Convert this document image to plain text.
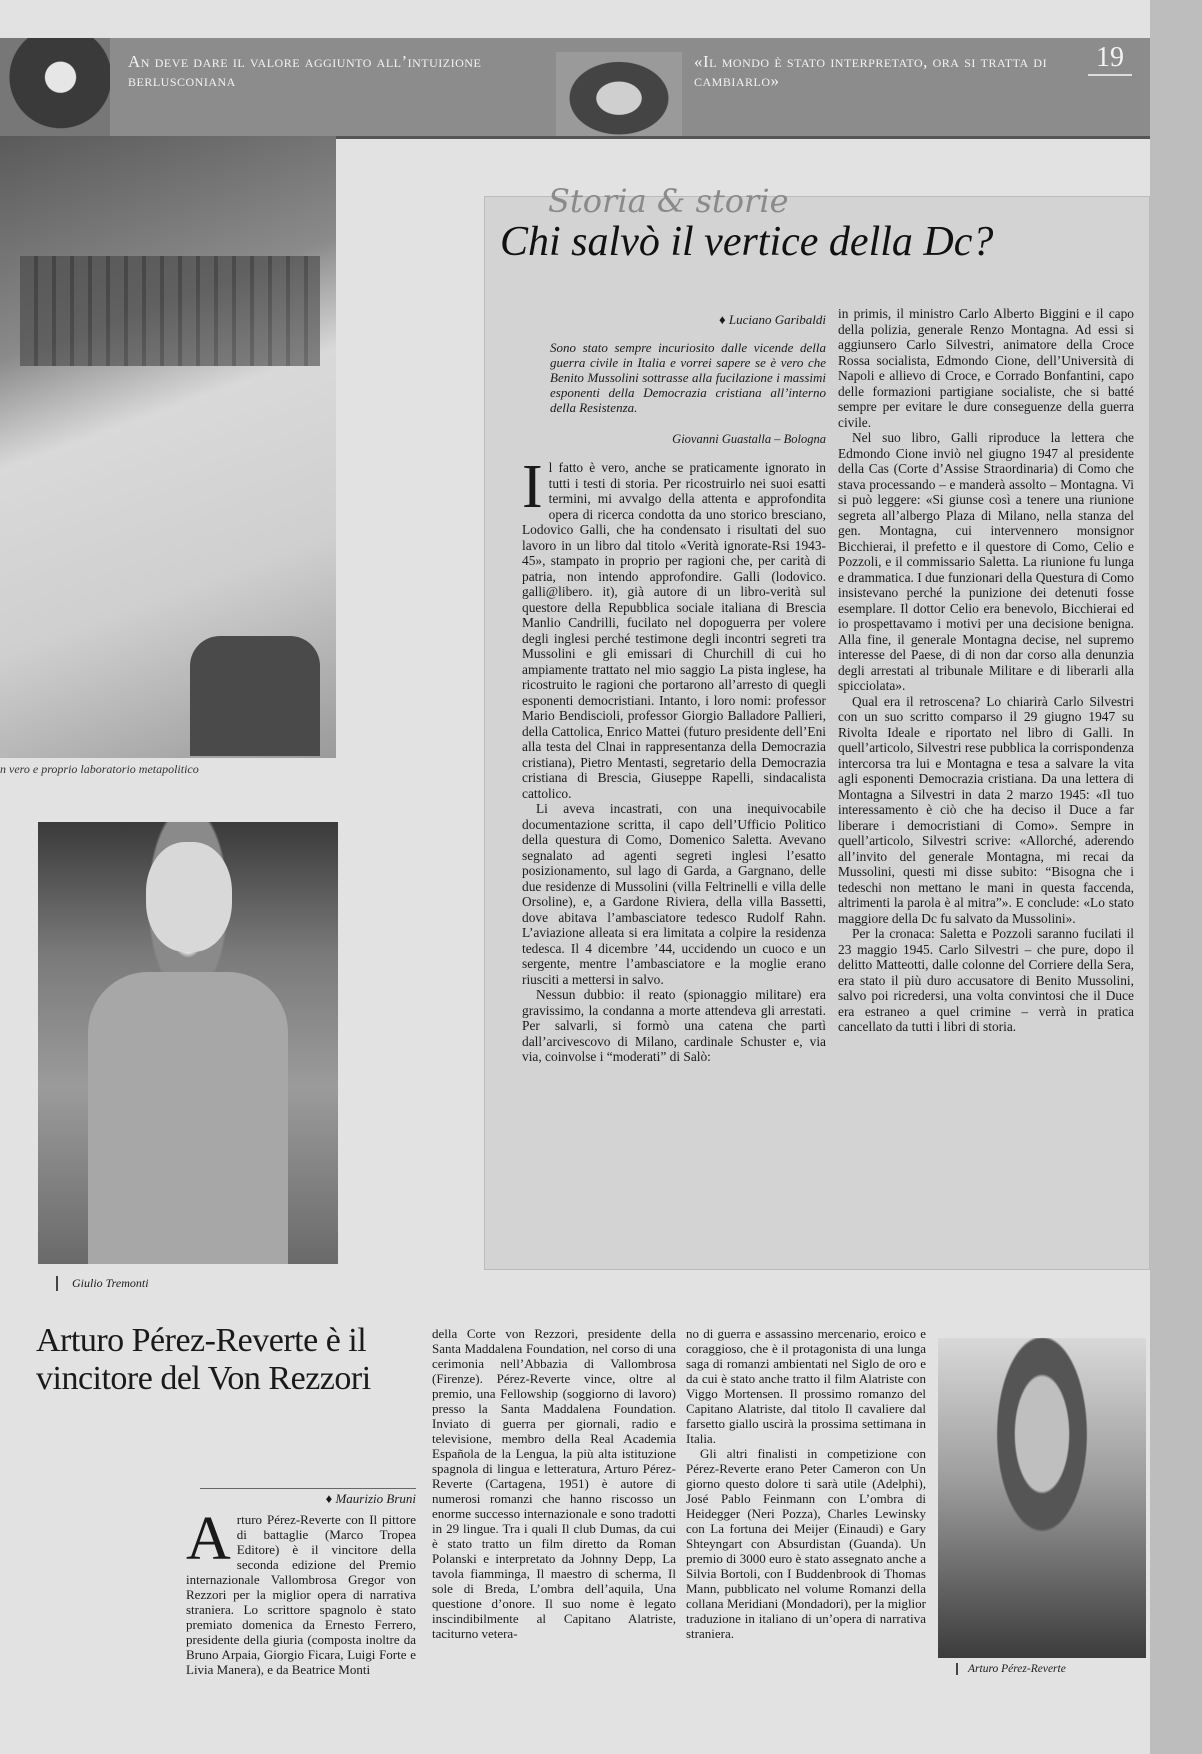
An deve dare il valore aggiunto all’intuizione berlusconiana
«Il mondo è stato interpretato, ora si tratta di cambiarlo»
19
n vero e proprio laboratorio metapolitico
Storia & storie
Chi salvò il vertice della Dc?
♦ Luciano Garibaldi
Sono stato sempre incuriosito dalle vicende della guerra civile in Italia e vorrei sapere se è vero che Benito Mussolini sottrasse alla fucilazione i massimi esponenti della Democrazia cristiana all’interno della Resistenza.
Giovanni Guastalla – Bologna

Il fatto è vero, anche se praticamente ignorato in tutti i testi di storia. Per ricostruirlo nei suoi esatti termini, mi avvalgo della attenta e approfondita opera di ricerca condotta da uno storico bresciano, Lodovico Galli, che ha condensato i risultati del suo lavoro in un libro dal titolo «Verità ignorate-Rsi 1943-45», stampato in proprio per ragioni che, per carità di patria, non intendo approfondire. Galli (lodovico. galli@libero. it), già autore di un libro-verità sul questore della Repubblica sociale italiana di Brescia Manlio Candrilli, fucilato nel dopoguerra per volere degli inglesi perché testimone degli incontri segreti tra Mussolini e gli emissari di Churchill di cui ho ampiamente trattato nel mio saggio La pista inglese, ha ricostruito le ragioni che portarono all’arresto di quegli esponenti democristiani. Intanto, i loro nomi: professor Mario Bendiscioli, professor Giorgio Balladore Pallieri, della Cattolica, Enrico Mattei (futuro presidente dell’Eni alla testa del Clnai in rappresentanza della Democrazia cristiana), Pietro Mentasti, segretario della Democrazia cristiana di Brescia, Giuseppe Rapelli, sindacalista cattolico.

Li aveva incastrati, con una inequivocabile documentazione scritta, il capo dell’Ufficio Politico della questura di Como, Domenico Saletta. Avevano segnalato ad agenti segreti inglesi l’esatto posizionamento, sul lago di Garda, a Gargnano, delle due residenze di Mussolini (villa Feltrinelli e villa delle Orsoline), e, a Gardone Riviera, della villa Bassetti, dove abitava l’ambasciatore tedesco Rudolf Rahn. L’aviazione alleata si era limitata a colpire la residenza tedesca. Il 4 dicembre ’44, uccidendo un cuoco e un sergente, mentre l’ambasciatore e la moglie erano riusciti a mettersi in salvo.

Nessun dubbio: il reato (spionaggio militare) era gravissimo, la condanna a morte attendeva gli arrestati. Per salvarli, si formò una catena che partì dall’arcivescovo di Milano, cardinale Schuster e, via via, coinvolse i “moderati” di Salò:

in primis, il ministro Carlo Alberto Biggini e il capo della polizia, generale Renzo Montagna. Ad essi si aggiunsero Carlo Silvestri, animatore della Croce Rossa socialista, Edmondo Cione, dell’Università di Napoli e allievo di Croce, e Corrado Bonfantini, capo delle formazioni partigiane socialiste, che si batté sempre per evitare le dure conseguenze della guerra civile.

Nel suo libro, Galli riproduce la lettera che Edmondo Cione inviò nel giugno 1947 al presidente della Cas (Corte d’Assise Straordinaria) di Como che stava processando – e manderà assolto – Montagna. Vi si può leggere: «Si giunse così a tenere una riunione segreta all’albergo Plaza di Milano, nella stanza del gen. Montagna, cui intervennero monsignor Bicchierai, il prefetto e il questore di Como, Celio e Pozzoli, e il commissario Saletta. La riunione fu lunga e drammatica. I due funzionari della Questura di Como insistevano perché la punizione dei detenuti fosse esemplare. Il dottor Celio era benevolo, Bicchierai ed io prospettavamo i motivi per una decisione benigna. Alla fine, il generale Montagna decise, nel supremo interesse del Paese, di di non dar corso alla denunzia degli arrestati al tribunale Militare e di liberarli alla spicciolata».

Qual era il retroscena? Lo chiarirà Carlo Silvestri con un suo scritto comparso il 29 giugno 1947 su Rivolta Ideale e riportato nel libro di Galli. In quell’articolo, Silvestri rese pubblica la corrispondenza intercorsa tra lui e Montagna e tesa a salvare la vita agli esponenti Democrazia cristiana. Da una lettera di Montagna a Silvestri in data 2 marzo 1945: «Il tuo interessamento è ciò che ha deciso il Duce a far liberare i democristiani di Como». Sempre in quell’articolo, Silvestri scrive: «Allorché, aderendo all’invito del generale Montagna, mi recai da Mussolini, questi mi disse subito: “Bisogna che i tedeschi non mettano le mani in questa faccenda, altrimenti la parola è al mitra”». E conclude: «Lo stato maggiore della Dc fu salvato da Mussolini».

Per la cronaca: Saletta e Pozzoli saranno fucilati il 23 maggio 1945. Carlo Silvestri – che pure, dopo il delitto Matteotti, dalle colonne del Corriere della Sera, era stato il più duro accusatore di Benito Mussolini, salvo poi ricredersi, una volta convintosi che il Duce era estraneo a quel crimine – verrà in pratica cancellato da tutti i libri di storia.

Giulio Tremonti
Arturo Pérez-Reverte è il vincitore del Von Rezzori
♦ Maurizio Bruni

Arturo Pérez-Reverte con Il pittore di battaglie (Marco Tropea Editore) è il vincitore della seconda edizione del Premio internazionale Vallombrosa Gregor von Rezzori per la miglior opera di narrativa straniera. Lo scrittore spagnolo è stato premiato domenica da Ernesto Ferrero, presidente della giuria (composta inoltre da Bruno Arpaia, Giorgio Ficara, Luigi Forte e Livia Manera), e da Beatrice Monti

della Corte von Rezzori, presidente della Santa Maddalena Foundation, nel corso di una cerimonia nell’Abbazia di Vallombrosa (Firenze). Pérez-Reverte vince, oltre al premio, una Fellowship (soggiorno di lavoro) presso la Santa Maddalena Foundation. Inviato di guerra per giornali, radio e televisione, membro della Real Academia Española de la Lengua, la più alta istituzione spagnola di lingua e letteratura, Arturo Pérez-Reverte (Cartagena, 1951) è autore di numerosi romanzi che hanno riscosso un enorme successo internazionale e sono tradotti in 29 lingue. Tra i quali Il club Dumas, da cui è stato tratto un film diretto da Roman Polanski e interpretato da Johnny Depp, La tavola fiamminga, Il maestro di scherma, Il sole di Breda, L’ombra dell’aquila, Una questione d’onore. Il suo nome è legato inscindibilmente al Capitano Alatriste, taciturno vetera-

no di guerra e assassino mercenario, eroico e coraggioso, che è il protagonista di una lunga saga di romanzi ambientati nel Siglo de oro e da cui è stato anche tratto il film Alatriste con Viggo Mortensen. Il prossimo romanzo del Capitano Alatriste, dal titolo Il cavaliere dal farsetto giallo uscirà la prossima settimana in Italia.

Gli altri finalisti in competizione con Pérez-Reverte erano Peter Cameron con Un giorno questo dolore ti sarà utile (Adelphi), José Pablo Feinmann con L’ombra di Heidegger (Neri Pozza), Charles Lewinsky con La fortuna dei Meijer (Einaudi) e Gary Shteyngart con Absurdistan (Guanda). Un premio di 3000 euro è stato assegnato anche a Silvia Bortoli, con I Buddenbrook di Thomas Mann, pubblicato nel volume Romanzi della collana Meridiani (Mondadori), per la miglior traduzione in italiano di un’opera di narrativa straniera.

Arturo Pérez-Reverte
